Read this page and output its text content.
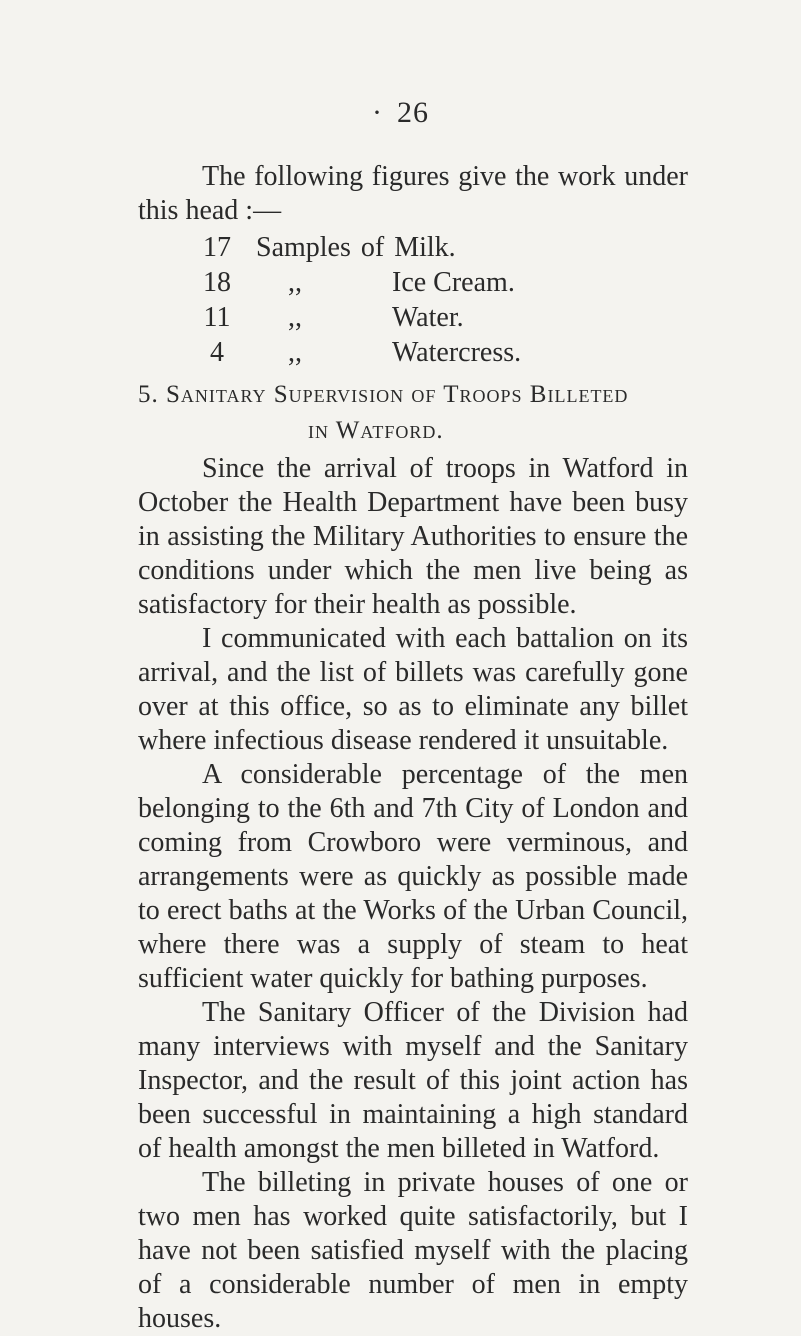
· 26

The following figures give the work under this head :—

17 Samples of Milk.
18	,,	Ice Cream.
11	,,	Water.
4	,,	Watercress.
5. Sanitary Supervision of Troops Billeted
in Watford.

Since the arrival of troops in Watford in October the Health Department have been busy in assisting the Military Authorities to ensure the conditions under which the men live being as satisfactory for their health as possible.

I communicated with each battalion on its arrival, and the list of billets was carefully gone over at this office, so as to eliminate any billet where infectious disease rendered it unsuitable.

A considerable percentage of the men belonging to the 6th and 7th City of London and coming from Crowboro were verminous, and arrangements were as quickly as possible made to erect baths at the Works of the Urban Council, where there was a supply of steam to heat sufficient water quickly for bathing purposes.

The Sanitary Officer of the Division had many interviews with myself and the Sanitary Inspector, and the result of this joint action has been successful in maintaining a high standard of health amongst the men billeted in Watford.

The billeting in private houses of one or two men has worked quite satisfactorily, but I have not been satisfied myself with the placing of a considerable number of men in empty houses.
